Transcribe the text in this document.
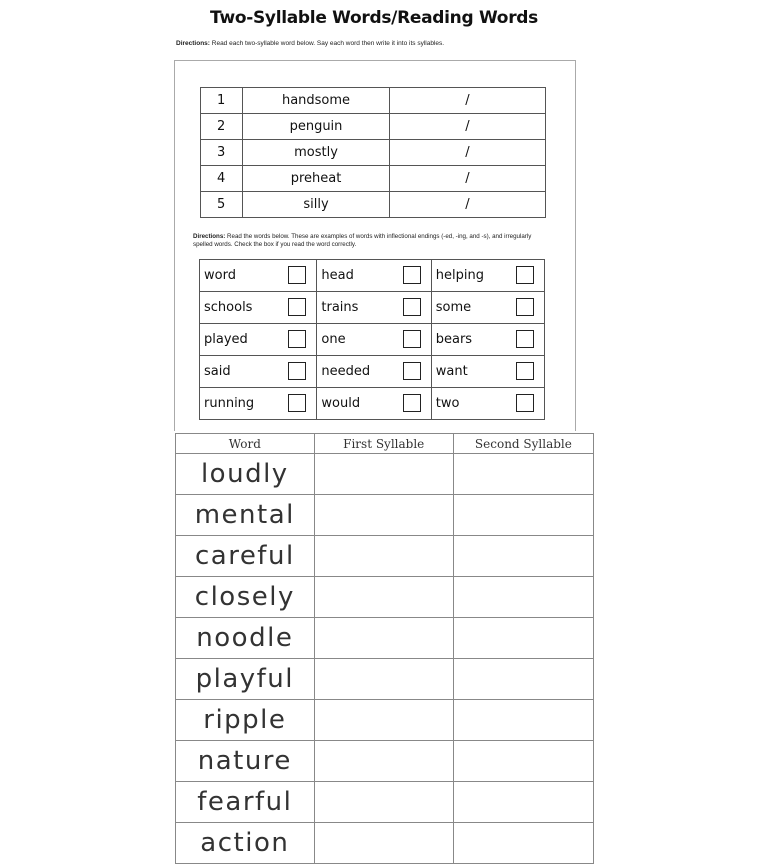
Two-Syllable Words/Reading Words
Directions: Read each two-syllable word below. Say each word then write it into its syllables.
1	handsome	/
2	penguin	/
3	mostly	/
4	preheat	/
5	silly	/
Directions: Read the words below. These are examples of words with inflectional endings (-ed, -ing, and -s), and irregularly spelled words. Check the box if you read the word correctly.
word	head	helping

schools	trains	some

played	one	bears

said	needed	want

running	would	two
Word	First Syllable	Second Syllable
loudly		
mental		
careful		
closely		
noodle		
playful		
ripple		
nature		
fearful		
action		
